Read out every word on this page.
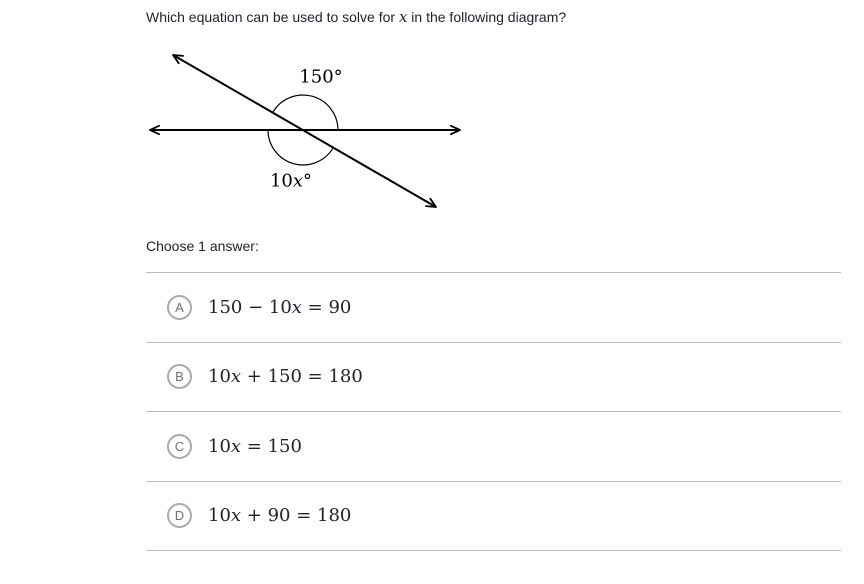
Which equation can be used to solve for x in the following diagram?
150°
10x°
Choose 1 answer:
A	150 − 10x = 90
B	10x + 150 = 180
C	10x = 150
D	10x + 90 = 180
